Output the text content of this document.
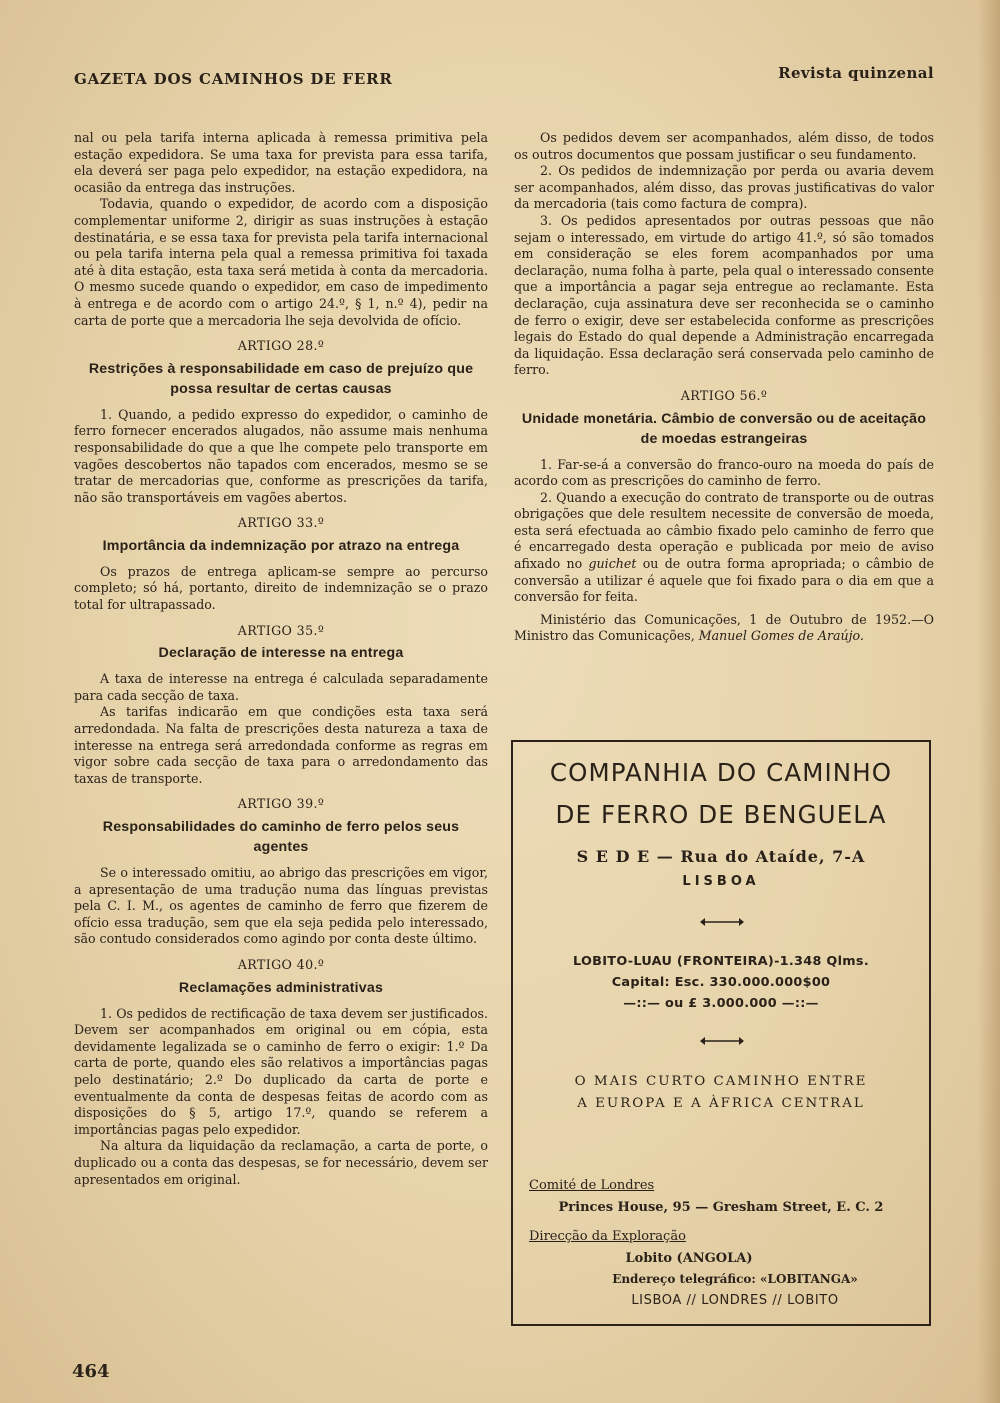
GAZETA DOS CAMINHOS DE FERR	Revista quinzenal

nal ou pela tarifa interna aplicada à remessa primitiva pela estação expedidora. Se uma taxa for prevista para essa tarifa, ela deverá ser paga pelo expedidor, na estação expedidora, na ocasião da entrega das instruções.

Todavia, quando o expedidor, de acordo com a disposição complementar uniforme 2, dirigir as suas instruções à estação destinatária, e se essa taxa for prevista pela tarifa internacional ou pela tarifa interna pela qual a remessa primitiva foi taxada até à dita estação, esta taxa será metida à conta da mercadoria. O mesmo sucede quando o expedidor, em caso de impedimento à entrega e de acordo com o artigo 24.º, § 1, n.º 4), pedir na carta de porte que a mercadoria lhe seja devolvida de ofício.

ARTIGO 28.º
Restrições à responsabilidade em caso de prejuízo que possa resultar de certas causas

1. Quando, a pedido expresso do expedidor, o caminho de ferro fornecer encerados alugados, não assume mais nenhuma responsabilidade do que a que lhe compete pelo transporte em vagões descobertos não tapados com encerados, mesmo se se tratar de mercadorias que, conforme as prescrições da tarifa, não são transportáveis em vagões abertos.

ARTIGO 33.º
Importância da indemnização por atrazo na entrega

Os prazos de entrega aplicam-se sempre ao percurso completo; só há, portanto, direito de indemnização se o prazo total for ultrapassado.

ARTIGO 35.º
Declaração de interesse na entrega

A taxa de interesse na entrega é calculada separadamente para cada secção de taxa.

As tarifas indicarão em que condições esta taxa será arredondada. Na falta de prescrições desta natureza a taxa de interesse na entrega será arredondada conforme as regras em vigor sobre cada secção de taxa para o arredondamento das taxas de transporte.

ARTIGO 39.º
Responsabilidades do caminho de ferro pelos seus agentes

Se o interessado omitiu, ao abrigo das prescrições em vigor, a apresentação de uma tradução numa das línguas previstas pela C. I. M., os agentes de caminho de ferro que fizerem de ofício essa tradução, sem que ela seja pedida pelo interessado, são contudo considerados como agindo por conta deste último.

ARTIGO 40.º
Reclamações administrativas

1. Os pedidos de rectificação de taxa devem ser justificados. Devem ser acompanhados em original ou em cópia, esta devidamente legalizada se o caminho de ferro o exigir: 1.º Da carta de porte, quando eles são relativos a importâncias pagas pelo destinatário; 2.º Do duplicado da carta de porte e eventualmente da conta de despesas feitas de acordo com as disposições do § 5, artigo 17.º, quando se referem a importâncias pagas pelo expedidor.

Na altura da liquidação da reclamação, a carta de porte, o duplicado ou a conta das despesas, se for necessário, devem ser apresentados em original.

Os pedidos devem ser acompanhados, além disso, de todos os outros documentos que possam justificar o seu fundamento.

2. Os pedidos de indemnização por perda ou avaria devem ser acompanhados, além disso, das provas justificativas do valor da mercadoria (tais como factura de compra).

3. Os pedidos apresentados por outras pessoas que não sejam o interessado, em virtude do artigo 41.º, só são tomados em consideração se eles forem acompanhados por uma declaração, numa folha à parte, pela qual o interessado consente que a importância a pagar seja entregue ao reclamante. Esta declaração, cuja assinatura deve ser reconhecida se o caminho de ferro o exigir, deve ser estabelecida conforme as prescrições legais do Estado do qual depende a Administração encarregada da liquidação. Essa declaração será conservada pelo caminho de ferro.

ARTIGO 56.º
Unidade monetária. Câmbio de conversão ou de aceitação de moedas estrangeiras

1. Far-se-á a conversão do franco-ouro na moeda do país de acordo com as prescrições do caminho de ferro.

2. Quando a execução do contrato de transporte ou de outras obrigações que dele resultem necessite de conversão de moeda, esta será efectuada ao câmbio fixado pelo caminho de ferro que é encarregado desta operação e publicada por meio de aviso afixado no guichet ou de outra forma apropriada; o câmbio de conversão a utilizar é aquele que foi fixado para o dia em que a conversão for feita.

Ministério das Comunicações, 1 de Outubro de 1952.—O Ministro das Comunicações, Manuel Gomes de Araújo.

COMPANHIA DO CAMINHO
DE FERRO DE BENGUELA
S E D E — Rua do Ataíde, 7-A
LISBOA
LOBITO-LUAU (FRONTEIRA)-1.348 Qlms.
Capital: Esc. 330.000.000$00
—::— ou £ 3.000.000 —::—
O MAIS CURTO CAMINHO ENTRE
A EUROPA E A ÀFRICA CENTRAL
Comité de Londres
Princes House, 95 — Gresham Street, E. C. 2
Direcção da Exploração
Lobito (ANGOLA)
Endereço telegráfico: «LOBITANGA»
LISBOA // LONDRES // LOBITO
464
